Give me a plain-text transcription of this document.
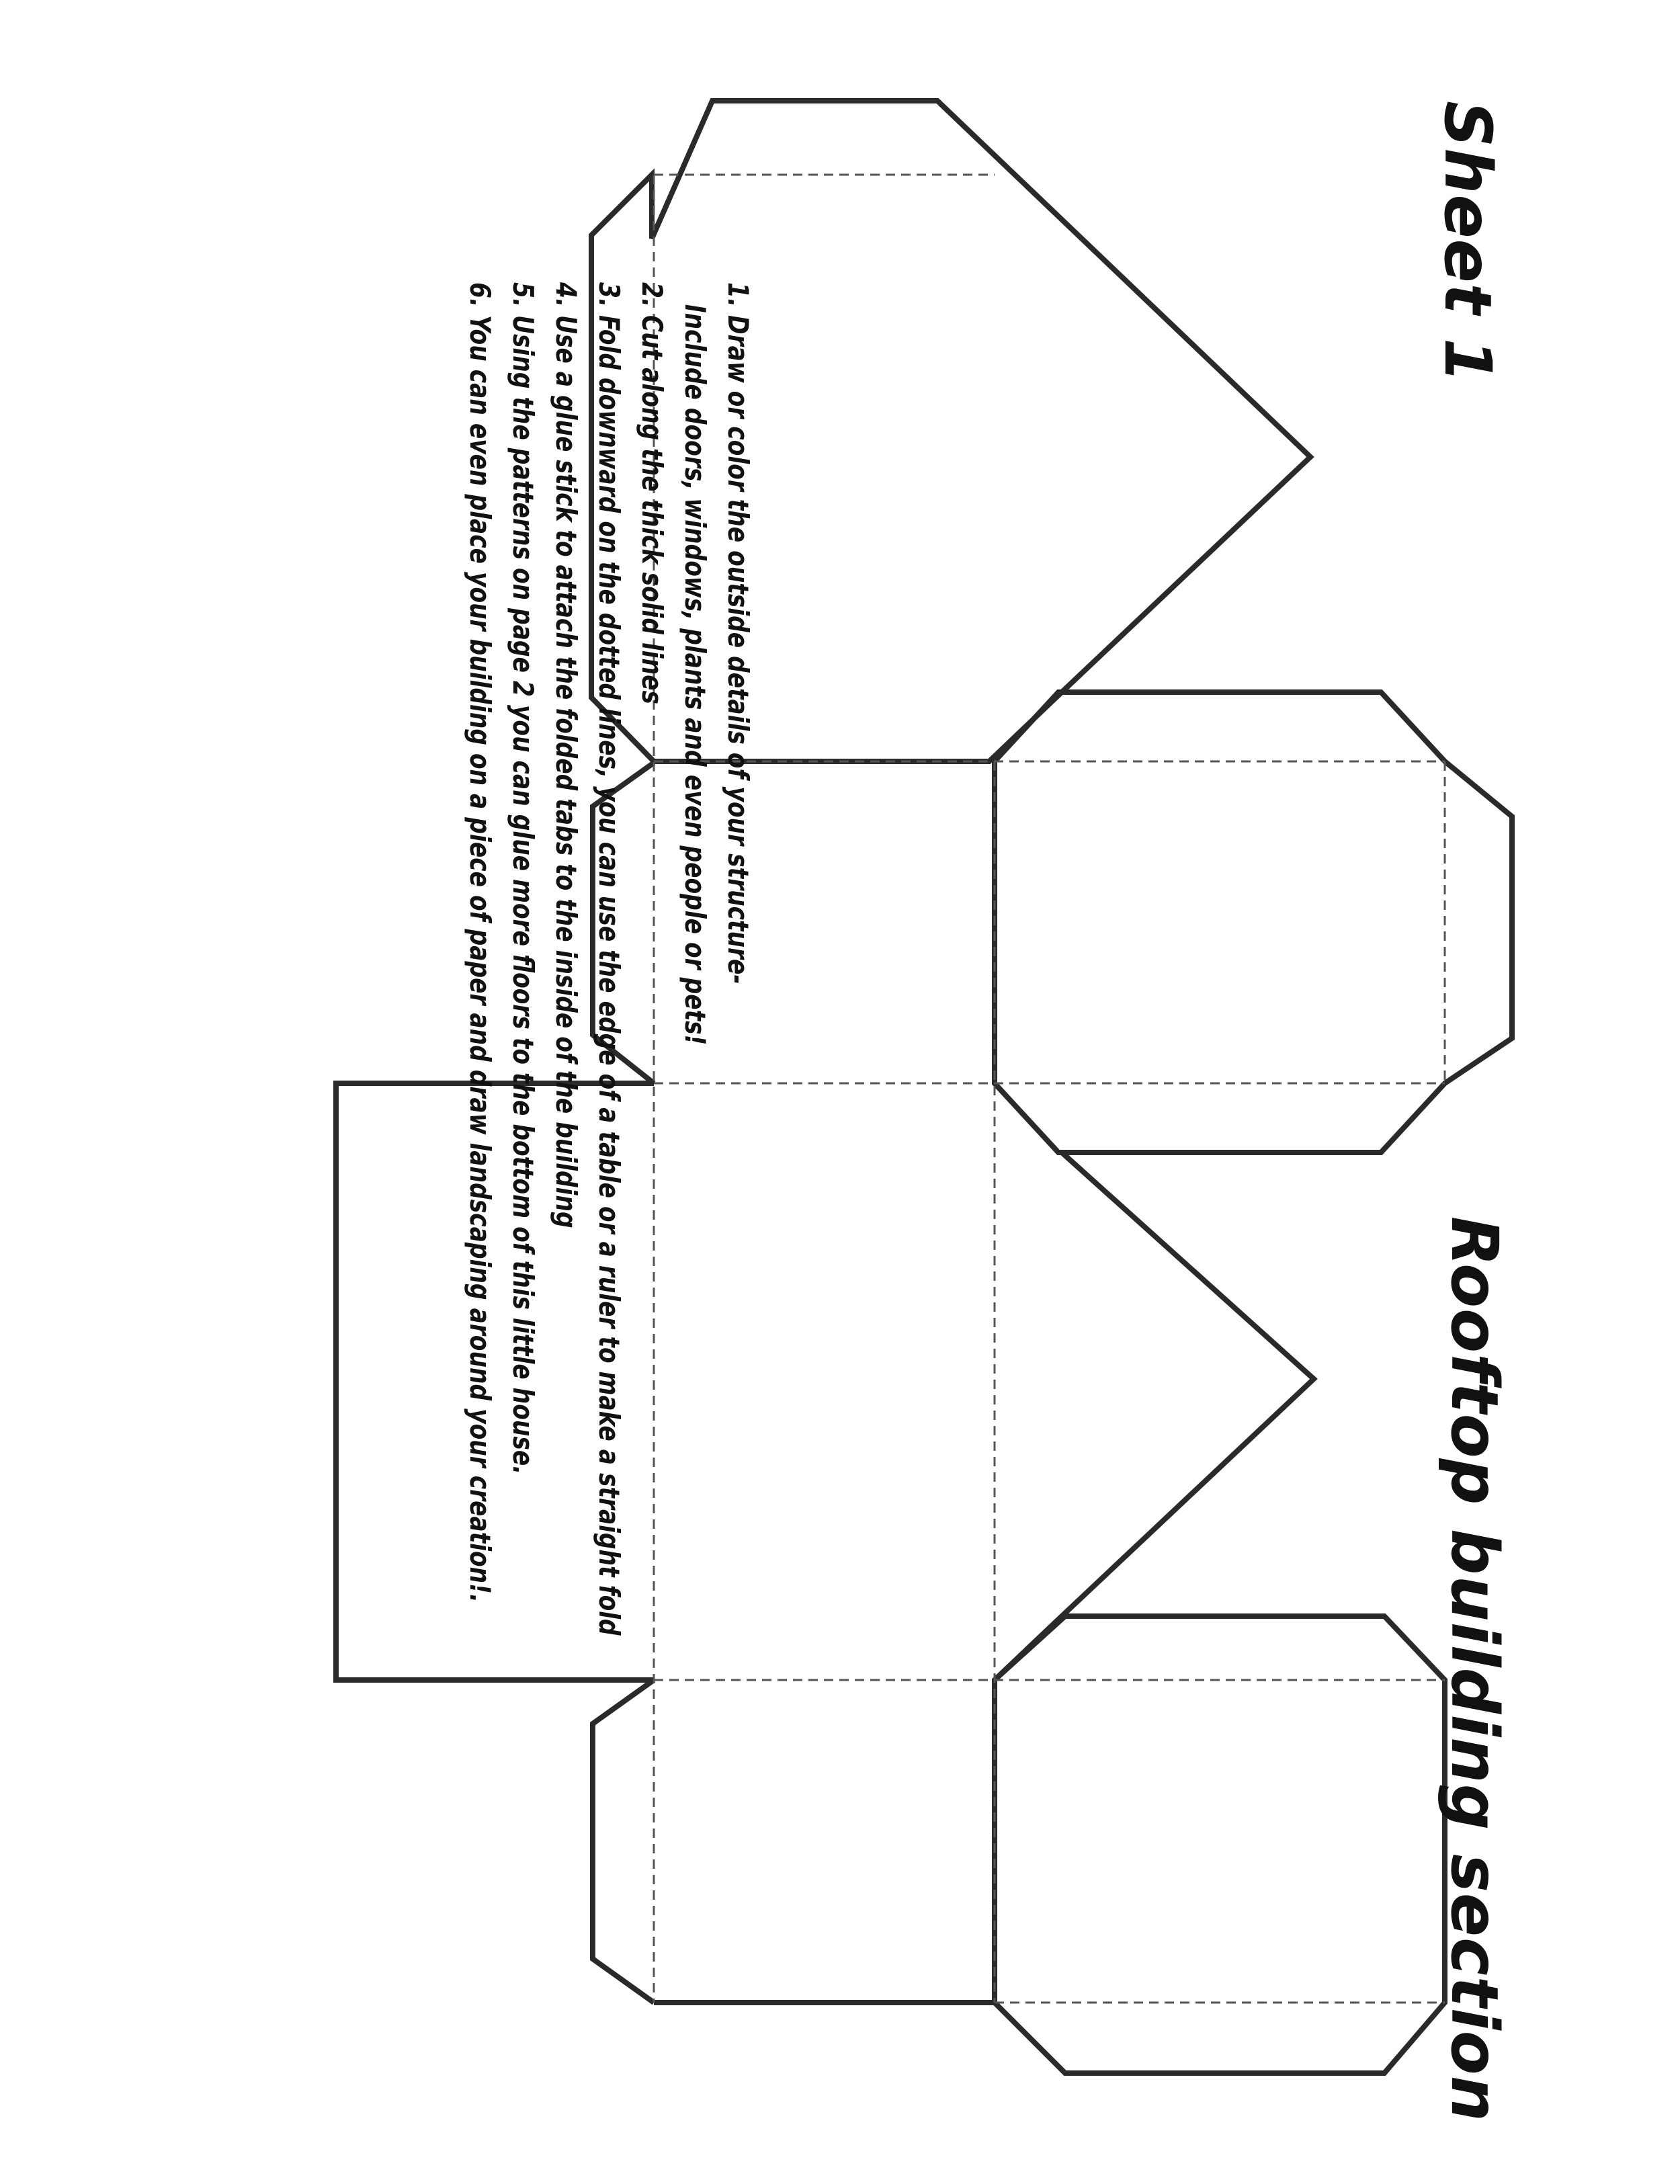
Sheet 1
Rooftop building section
1. Draw or color the outside details of your structure-
Include doors, windows, plants and even people or pets!
2. Cut along the thick solid lines
3. Fold downward on the dotted lines, you can use the edge of a table or a ruler to make a straight fold
4. Use a glue stick to attach the folded tabs to the inside of the building
5. Using the patterns on page 2 you can glue more floors to the bottom of this little house.
6. You can even place your building on a piece of paper and draw landscaping around your creation!.
